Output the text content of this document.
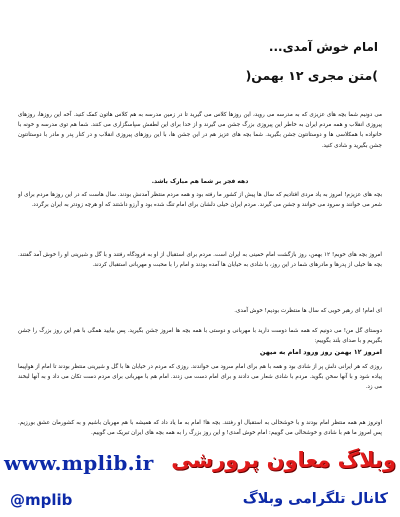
امام خوش آمدی...
)متن مجری ۱۲ بهمن(
می دونیم شما بچه های عزیزی که به مدرسه می روید، این روزها کلاس می گیرید تا در زمین مدرسه به هم کلاس هاتون کمک کنید. آخه این روزها، روزهای پیروزی انقلاب و همه مردم ایران به خاطر این پیروزی بزرگ جشن می گیرند و از خدا برای این لطفش سپاسگزاری می کنند. شما هم توی مدرسه و خونه با خانواده با همکلاسی ها و دوستانتون جشن بگیرید. شما بچه های عزیز هم در این جشن ها، با این روزهای پیروزی انقلاب و در کنار پدر و مادر با دوستانتون جشن بگیرید و شادی کنید.
دهه فجر بر شما هم مبارک باشد.
بچه های عزیزم! امروز به یاد مردی افتادیم که سال ها پیش از کشور ما رفته بود و همه مردم منتظر آمدنش بودند. سال هاست که در این روزها مردم برای او شعر می خوانند و سرود می خوانند و جشن می گیرند. مردم ایران خیلی دلشان برای امام تنگ شده بود و آرزو داشتند که او هرچه زودتر به ایران برگردد.
امروز بچه های خوبم! ۱۲ بهمن، روز بازگشت امام خمینی به ایران است. مردم برای استقبال از او به فرودگاه رفتند و با گل و شیرینی او را خوش آمد گفتند. بچه ها خیلی از پدرها و مادرهای شما در این روز، با شادی به خیابان ها آمده بودند و امام را با محبت و مهربانی استقبال کردند.
ای امام! ای رهبر خوبی که سال ها منتظرت بودیم! خوش آمدی.
دوستای گل من! می دونیم که همه شما دوست دارید با مهربانی و دوستی با همه بچه ها امروز جشن بگیرید. پس بیایید همگی با هم این روز بزرگ را جشن بگیریم و با صدای بلند بگوییم:
امروز ۱۲ بهمن روز ورود امام به میهن
روزی که هر ایرانی دلش پر از شادی بود و همه با هم برای امام سرود می خواندند. روزی که مردم در خیابان ها با گل و شیرینی منتظر بودند تا امام از هواپیما پیاده شود و با آنها سخن بگوید. مردم با شادی شعار می دادند و برای امام دست می زدند. امام هم با مهربانی برای مردم دست تکان می داد و به آنها لبخند می زد.
اونروز هم همه منتظر امام بودند و با خوشحالی به استقبال او رفتند. بچه ها! امام به ما یاد داد که همیشه با هم مهربان باشیم و به کشورمان عشق بورزیم. پس امروز ما هم با شادی و خوشحالی می گوییم: امام خوش آمدی! و این روز بزرگ را به همه بچه های ایران تبریک می گوییم.
www.mplib.ir وبلاگ معاون پرورشی
@mplib	کانال تلگرامی وبلاگ
